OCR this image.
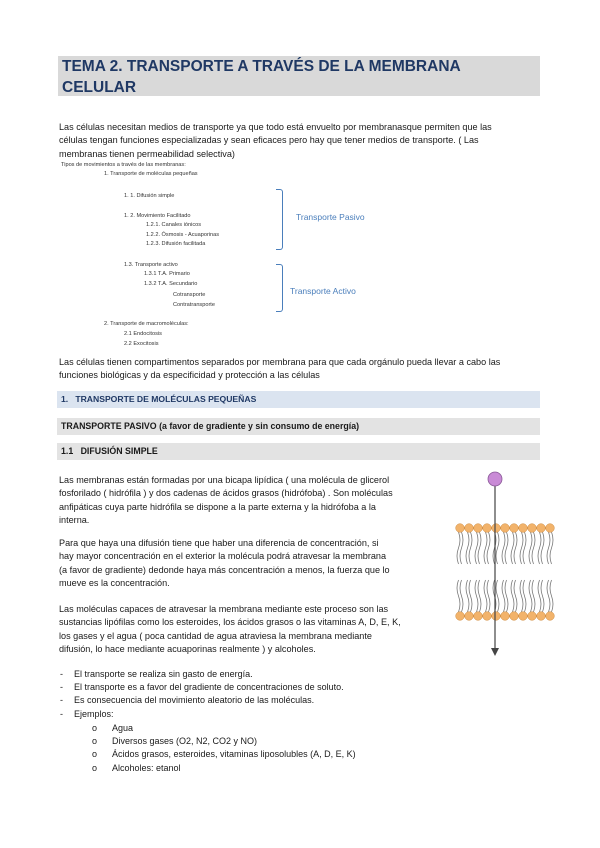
TEMA 2. TRANSPORTE A TRAVÉS DE LA MEMBRANA
CELULAR
Las células necesitan medios de transporte ya que todo está envuelto por membranasque permiten que las
células tengan funciones especializadas y sean eficaces pero hay que tener medios de transporte. ( Las
membranas tienen permeabilidad selectiva)
Tipos de movimientos a través de las membranas:
1. Transporte de moléculas pequeñas
1. 1. Difusión simple
1. 2. Movimiento Facilitado
1.2.1. Canales iónicos
1.2.2. Ósmosis - Acuaporinas
1.2.3. Difusión facilitada
1.3. Transporte activo
1.3.1 T.A. Primario
1.3.2 T.A. Secundario
Cotransporte
Contratransporte
2. Transporte de macromoléculas:
2.1 Endocitosis
2.2 Exocitosis
Transporte Pasivo
Transporte Activo
Las células tienen compartimentos separados por membrana para que cada orgánulo pueda llevar a cabo las
funciones biológicas y da especificidad y protección a las células
1. TRANSPORTE DE MOLÉCULAS PEQUEÑAS
TRANSPORTE PASIVO (a favor de gradiente y sin consumo de energía)
1.1 DIFUSIÓN SIMPLE
Las membranas están formadas por una bicapa lipídica ( una molécula de glicerol
fosforilado ( hidrófila ) y dos cadenas de ácidos grasos (hidrófoba) . Son moléculas
anfipáticas cuya parte hidrófila se dispone a la parte externa y la hidrófoba a la
interna.
Para que haya una difusión tiene que haber una diferencia de concentración, si
hay mayor concentración en el exterior la molécula podrá atravesar la membrana
(a favor de gradiente) dedonde haya más concentración a menos, la fuerza que lo
mueve es la concentración.
Las moléculas capaces de atravesar la membrana mediante este proceso son las
sustancias lipófilas como los esteroides, los ácidos grasos o las vitaminas A, D, E, K,
los gases y el agua ( poca cantidad de agua atraviesa la membrana mediante
difusión, lo hace mediante acuaporinas realmente ) y alcoholes.
-	El transporte se realiza sin gasto de energía.
-	El transporte es a favor del gradiente de concentraciones de soluto.
-	Es consecuencia del movimiento aleatorio de las moléculas.
-	Ejemplos:
o	Agua
o	Diversos gases (O2, N2, CO2 y NO)
o	Ácidos grasos, esteroides, vitaminas liposolubles (A, D, E, K)
o	Alcoholes: etanol
